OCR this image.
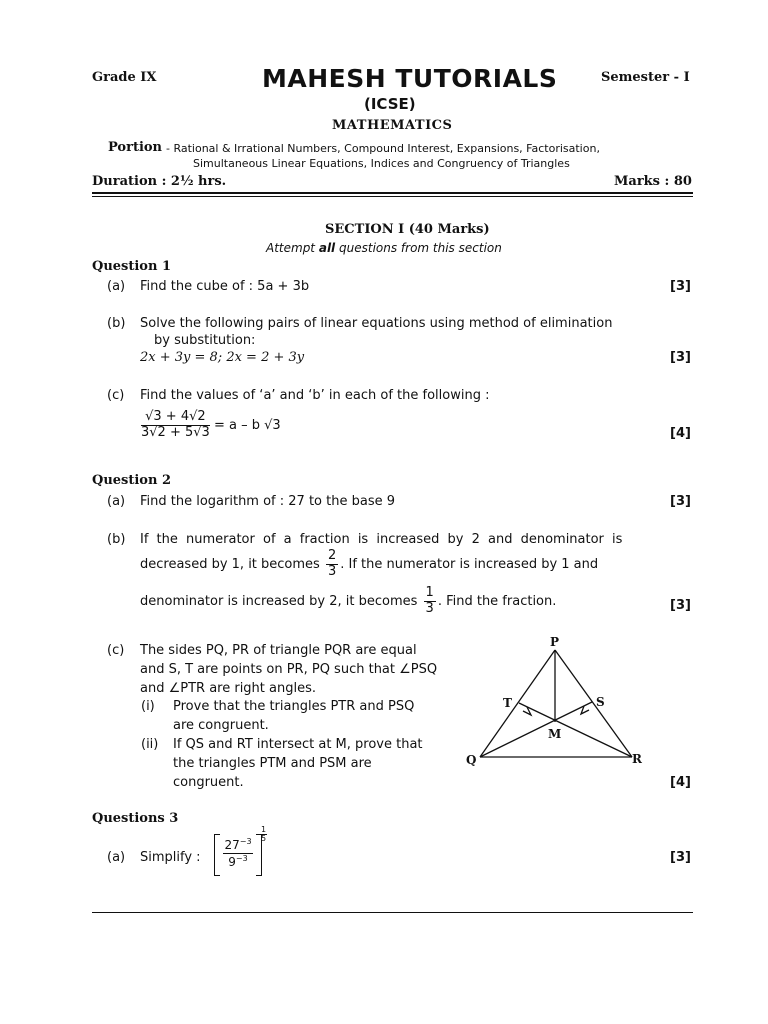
Grade IX	MAHESH TUTORIALS
(ICSE)
Semester - I
MATHEMATICS
Portion - Rational & Irrational Numbers, Compound Interest, Expansions, Factorisation,
Simultaneous Linear Equations, Indices and Congruency of Triangles
Duration : 2½ hrs.	Marks : 80
SECTION I (40 Marks)
Attempt all questions from this section
Question 1
(a) Find the cube of : 5a + 3b	[3]
(b) Solve the following pairs of linear equations using method of elimination
by substitution:
2x + 3y = 8; 2x = 2 + 3y	[3]
(c) Find the values of ‘a’ and ‘b’ in each of the following :
$\frac{√3 + 4√2}{3√2 + 5√3} = a - b$ √3
[4]
Question 2
(a) Find the logarithm of : 27 to the base 9	[3]
(b) If the numerator of a fraction is increased by 2 and denominator is
decreased by 1, it becomes $\frac{2}{3}$ . If the numerator is increased by 1 and
denominator is increased by 2, it becomes $\frac{1}{3}$ . Find the fraction.	[3]
(c) The sides PQ, PR of triangle PQR are equal
and S, T are points on PR, PQ such that ∠PSQ
and ∠PTR are right angles.
(i) Prove that the triangles PTR and PSQ
are congruent.
(ii) If QS and RT intersect at M, prove that
the triangles PTM and PSM are
congruent.	[4]
P
Q	R
S
T
M
Questions 3
(a) Simplify :
$27^{-3}$
$9^{-3}$
$\frac{1}{5}$
[3]
